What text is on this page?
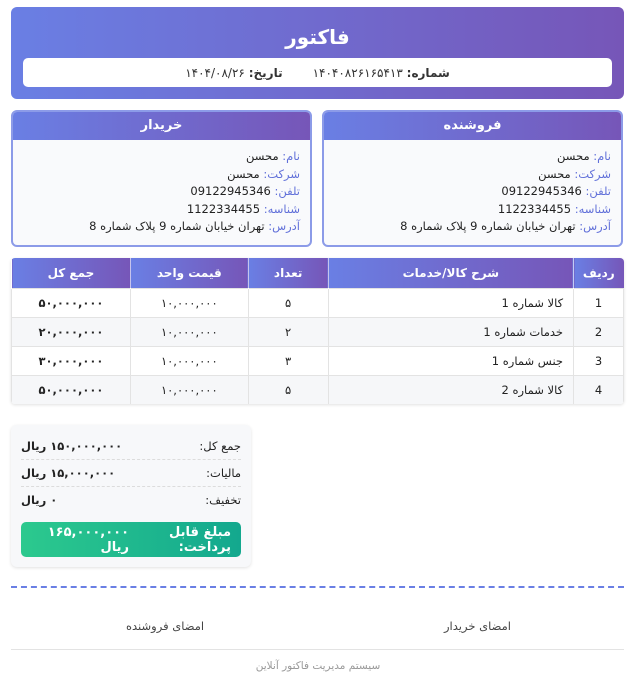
فاکتور
شماره: ۱۴۰۴۰۸۲۶۱۶۵۴۱۳
تاریخ: ۱۴۰۴/۰۸/۲۶
فروشنده
نام: محسن
شرکت: محسن
تلفن: 09122945346
شناسه: 1122334455
آدرس: تهران خیابان شماره 9 پلاک شماره 8
خریدار
نام: محسن
شرکت: محسن
تلفن: 09122945346
شناسه: 1122334455
آدرس: تهران خیابان شماره 9 پلاک شماره 8
ردیف	شرح کالا/خدمات	تعداد	قیمت واحد	جمع کل
1	کالا شماره 1	۵	۱۰,۰۰۰,۰۰۰	۵۰,۰۰۰,۰۰۰
2	خدمات شماره 1	۲	۱۰,۰۰۰,۰۰۰	۲۰,۰۰۰,۰۰۰
3	جنس شماره 1	۳	۱۰,۰۰۰,۰۰۰	۳۰,۰۰۰,۰۰۰
4	کالا شماره 2	۵	۱۰,۰۰۰,۰۰۰	۵۰,۰۰۰,۰۰۰
جمع کل:
۱۵۰,۰۰۰,۰۰۰ ریال
مالیات:
۱۵,۰۰۰,۰۰۰ ریال
تخفیف:
۰ ریال
مبلغ قابل پرداخت:
۱۶۵,۰۰۰,۰۰۰ ریال
امضای خریدار
امضای فروشنده
سیستم مدیریت فاکتور آنلاین
